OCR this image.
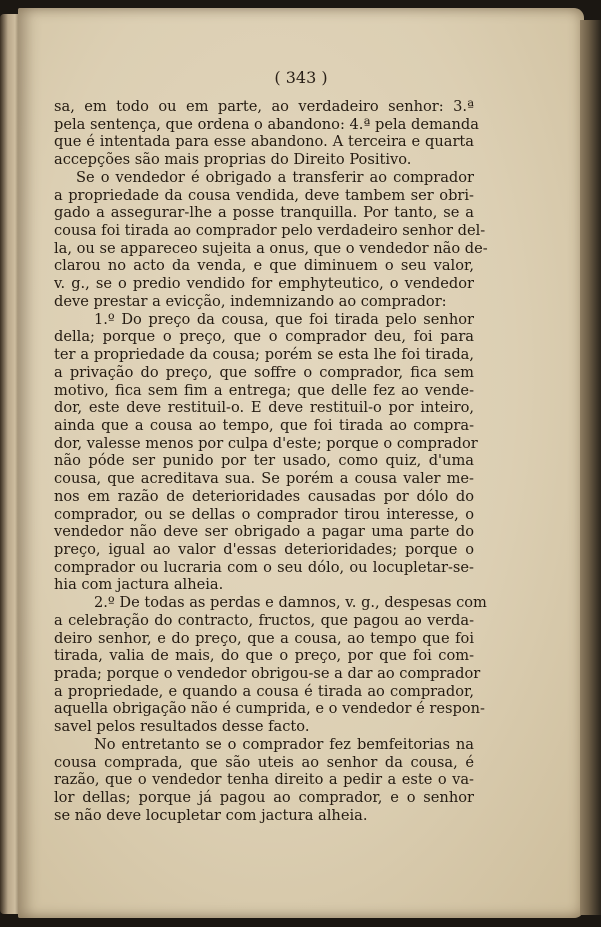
( 343 )
sa, em todo ou em parte, ao verdadeiro senhor: 3.ª
pela sentença, que ordena o abandono: 4.ª pela demanda
que é intentada para esse abandono. A terceira e quarta
accepções são mais proprias do Direito Positivo.
Se o vendedor é obrigado a transferir ao comprador
a propriedade da cousa vendida, deve tambem ser obri-
gado a assegurar-lhe a posse tranquilla. Por tanto, se a
cousa foi tirada ao comprador pelo verdadeiro senhor del-
la, ou se appareceo sujeita a onus, que o vendedor não de-
clarou no acto da venda, e que diminuem o seu valor,
v. g., se o predio vendido for emphyteutico, o vendedor
deve prestar a evicção, indemnizando ao comprador:
1.º Do preço da cousa, que foi tirada pelo senhor
della; porque o preço, que o comprador deu, foi para
ter a propriedade da cousa; porém se esta lhe foi tirada,
a privação do preço, que soffre o comprador, fica sem
motivo, fica sem fim a entrega; que delle fez ao vende-
dor, este deve restituil-o. E deve restituil-o por inteiro,
ainda que a cousa ao tempo, que foi tirada ao compra-
dor, valesse menos por culpa d'este; porque o comprador
não póde ser punido por ter usado, como quiz, d'uma
cousa, que acreditava sua. Se porém a cousa valer me-
nos em razão de deterioridades causadas por dólo do
comprador, ou se dellas o comprador tirou interesse, o
vendedor não deve ser obrigado a pagar uma parte do
preço, igual ao valor d'essas deterioridades; porque o
comprador ou lucraria com o seu dólo, ou locupletar-se-
hia com jactura alheia.
2.º De todas as perdas e damnos, v. g., despesas com
a celebração do contracto, fructos, que pagou ao verda-
deiro senhor, e do preço, que a cousa, ao tempo que foi
tirada, valia de mais, do que o preço, por que foi com-
prada; porque o vendedor obrigou-se a dar ao comprador
a propriedade, e quando a cousa é tirada ao comprador,
aquella obrigação não é cumprida, e o vendedor é respon-
savel pelos resultados desse facto.
No entretanto se o comprador fez bemfeitorias na
cousa comprada, que são uteis ao senhor da cousa, é
razão, que o vendedor tenha direito a pedir a este o va-
lor dellas; porque já pagou ao comprador, e o senhor
se não deve locupletar com jactura alheia.
